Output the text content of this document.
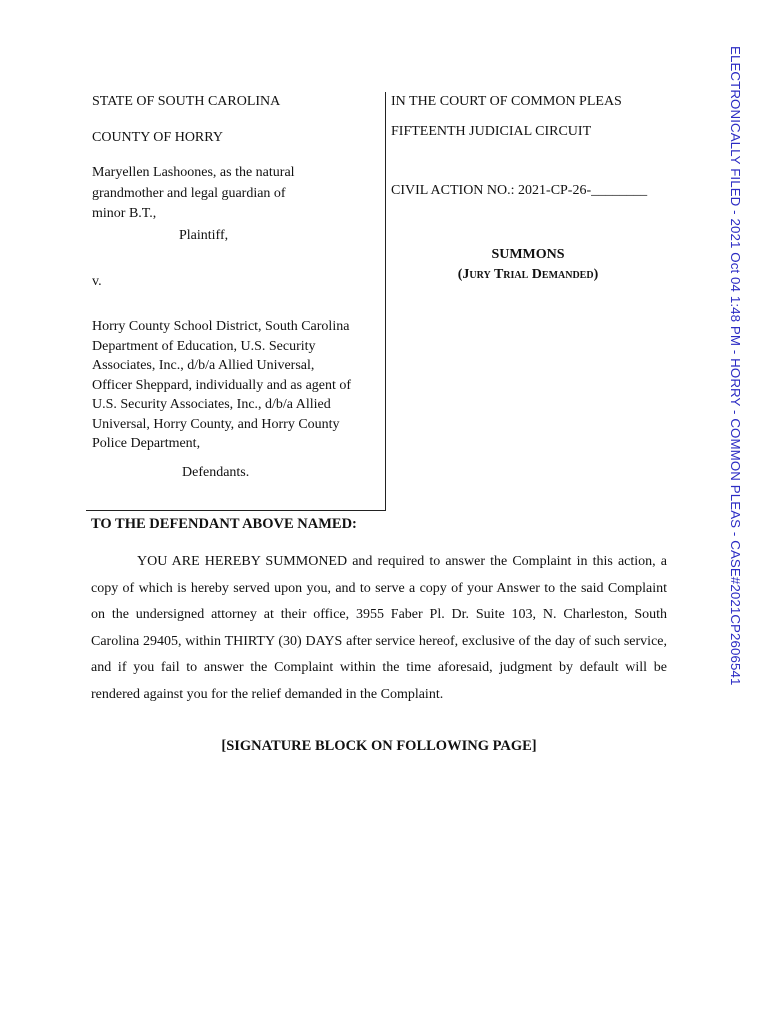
STATE OF SOUTH CAROLINA
COUNTY OF HORRY
Maryellen Lashoones, as the natural
grandmother and legal guardian of
minor B.T.,
Plaintiff,
v.
Horry County School District, South Carolina
Department of Education, U.S. Security
Associates, Inc., d/b/a Allied Universal,
Officer Sheppard, individually and as agent of
U.S. Security Associates, Inc., d/b/a Allied
Universal, Horry County, and Horry County
Police Department,
Defendants.
IN THE COURT OF COMMON PLEAS
FIFTEENTH JUDICIAL CIRCUIT
CIVIL ACTION NO.: 2021-CP-26-________
SUMMONS
(Jury Trial Demanded)
TO THE DEFENDANT ABOVE NAMED:

YOU ARE HEREBY SUMMONED and required to answer the Complaint in this action, a copy of which is hereby served upon you, and to serve a copy of your Answer to the said Complaint on the undersigned attorney at their office, 3955 Faber Pl. Dr. Suite 103, N. Charleston, South Carolina 29405, within THIRTY (30) DAYS after service hereof, exclusive of the day of such service, and if you fail to answer the Complaint within the time aforesaid, judgment by default will be rendered against you for the relief demanded in the Complaint.

[SIGNATURE BLOCK ON FOLLOWING PAGE]
ELECTRONICALLY FILED - 2021 Oct 04 1:48 PM - HORRY - COMMON PLEAS - CASE#2021CP2606541
